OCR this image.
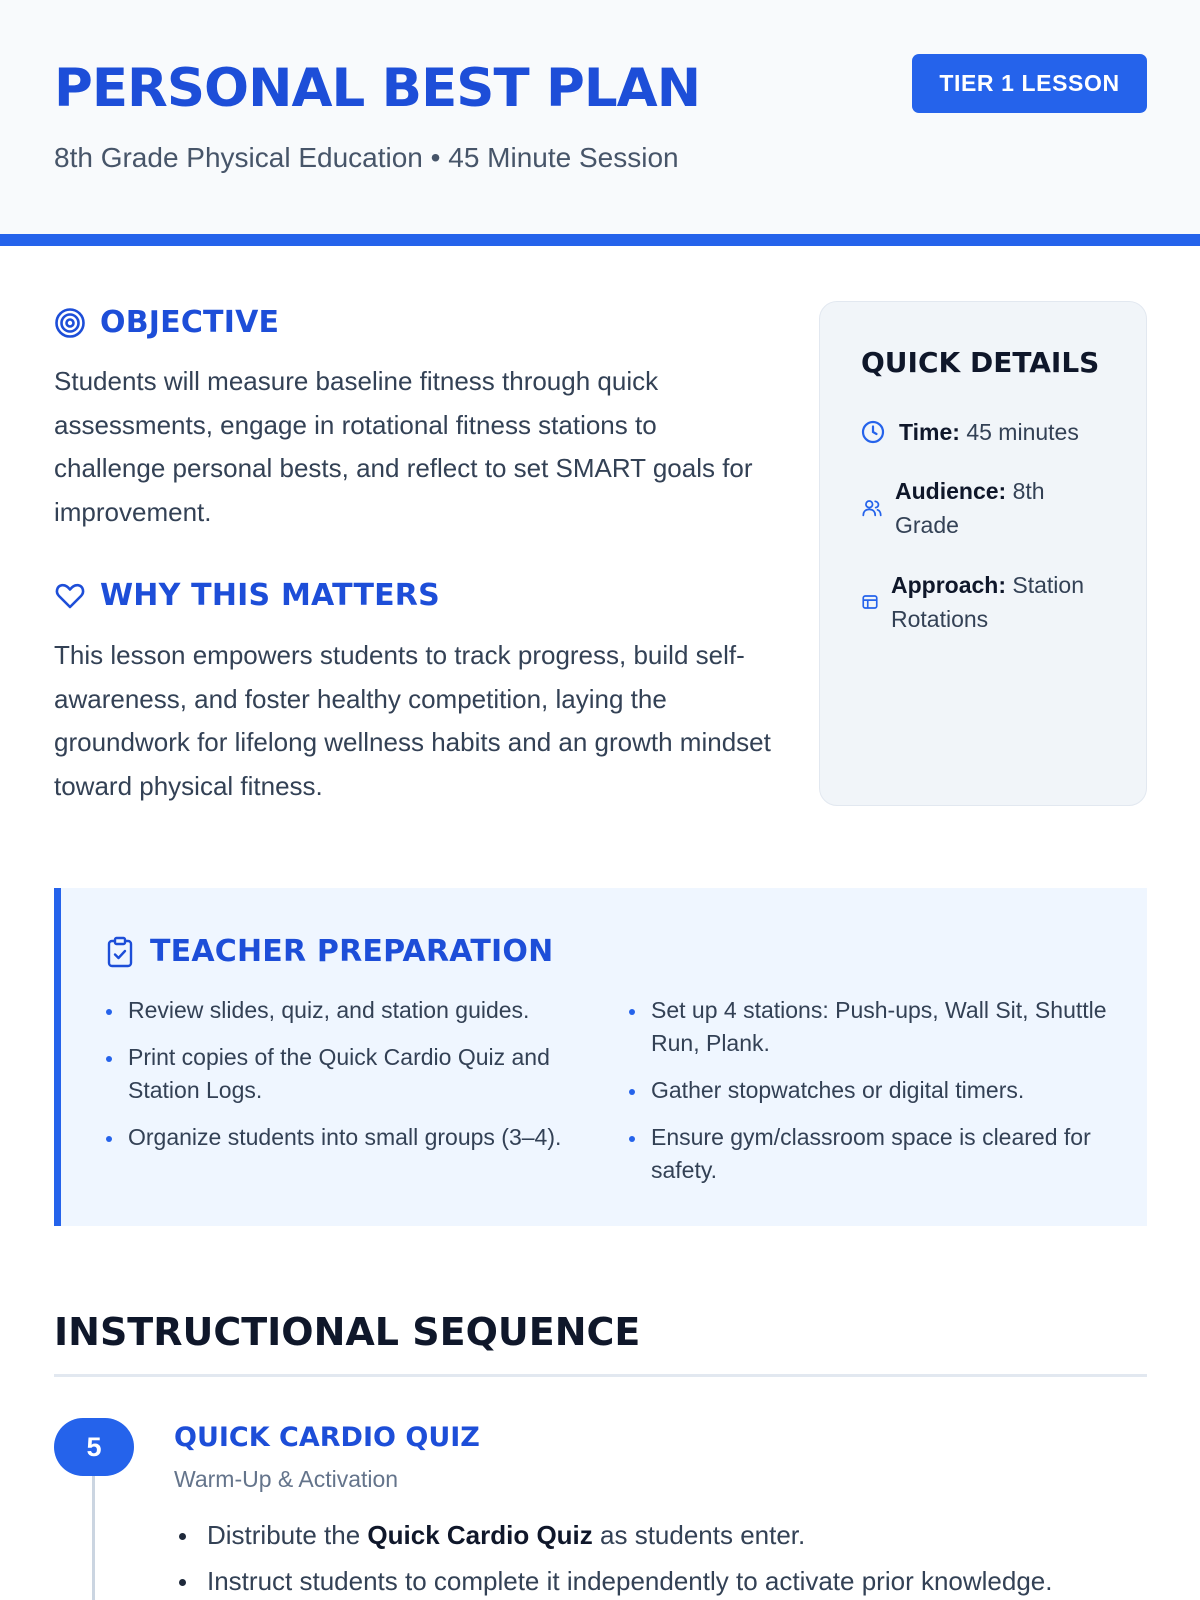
PERSONAL BEST PLAN
8th Grade Physical Education • 45 Minute Session
TIER 1 LESSON
OBJECTIVE
Students will measure baseline fitness through quick assessments, engage in rotational fitness stations to challenge personal bests, and reflect to set SMART goals for improvement.
WHY THIS MATTERS
This lesson empowers students to track progress, build self-awareness, and foster healthy competition, laying the groundwork for lifelong wellness habits and an growth mindset toward physical fitness.
QUICK DETAILS
Time: 45 minutes
Audience: 8th Grade
Approach: Station Rotations
TEACHER PREPARATION
Review slides, quiz, and station guides.
Print copies of the Quick Cardio Quiz and Station Logs.
Organize students into small groups (3–4).
Set up 4 stations: Push-ups, Wall Sit, Shuttle Run, Plank.
Gather stopwatches or digital timers.
Ensure gym/classroom space is cleared for safety.
INSTRUCTIONAL SEQUENCE
5	QUICK CARDIO QUIZ
Warm-Up & Activation
Distribute the Quick Cardio Quiz as students enter.
Instruct students to complete it independently to activate prior knowledge.
